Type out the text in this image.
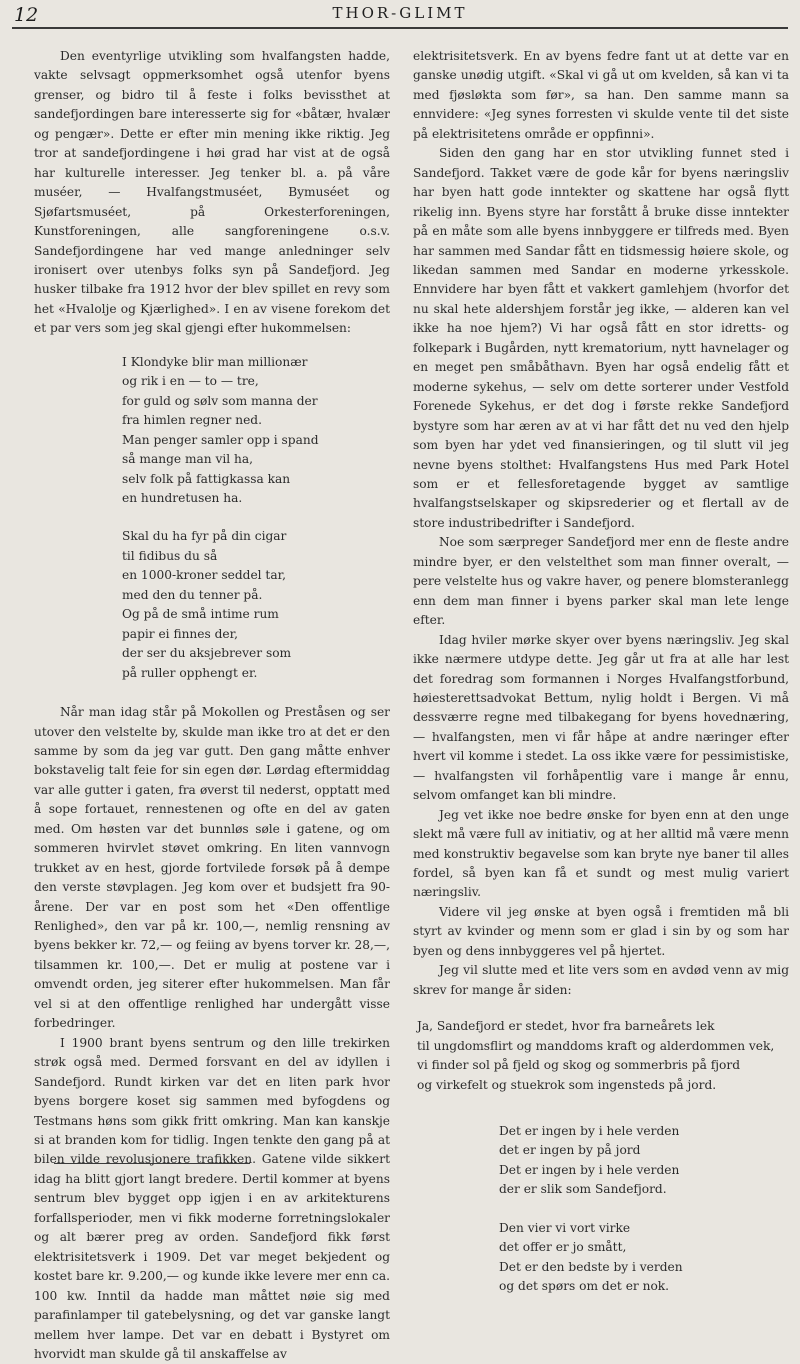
12	THOR-GLIMT

Den eventyrlige utvikling som hvalfangsten hadde, vakte selvsagt oppmerksomhet også utenfor byens grenser, og bidro til å feste i folks bevissthet at sandefjordingen bare interesserte sig for «båtær, hvalær og pengær». Dette er efter min mening ikke riktig. Jeg tror at sandefjordingene i høi grad har vist at de også har kulturelle interesser. Jeg tenker bl. a. på våre muséer, — Hvalfangstmuséet, Bymuséet og Sjøfartsmuséet, på Orkesterforeningen, Kunstforeningen, alle sangforeningene o.s.v. Sandefjordingene har ved mange anledninger selv ironisert over utenbys folks syn på Sandefjord. Jeg husker tilbake fra 1912 hvor der blev spillet en revy som het «Hvalolje og Kjærlighed». I en av visene forekom det et par vers som jeg skal gjengi efter hukommelsen:

I Klondyke blir man millionær
og rik i en — to — tre,
for guld og sølv som manna der
fra himlen regner ned.
Man penger samler opp i spand
så mange man vil ha,
selv folk på fattigkassa kan
en hundretusen ha.
Skal du ha fyr på din cigar
til fidibus du så
en 1000-kroner seddel tar,
med den du tenner på.
Og på de små intime rum
papir ei finnes der,
der ser du aksjebrever som
på ruller opphengt er.

Når man idag står på Mokollen og Preståsen og ser utover den velstelte by, skulde man ikke tro at det er den samme by som da jeg var gutt. Den gang måtte enhver bokstavelig talt feie for sin egen dør. Lørdag eftermiddag var alle gutter i gaten, fra øverst til nederst, opptatt med å sope fortauet, rennestenen og ofte en del av gaten med. Om høsten var det bunnløs søle i gatene, og om sommeren hvirvlet støvet omkring. En liten vannvogn trukket av en hest, gjorde fortvilede forsøk på å dempe den verste støvplagen. Jeg kom over et budsjett fra 90-årene. Der var en post som het «Den offentlige Renlighed», den var på kr. 100,—, nemlig rensning av byens bekker kr. 72,— og feiing av byens torver kr. 28,—, tilsammen kr. 100,—. Det er mulig at postene var i omvendt orden, jeg siterer efter hukommelsen. Man får vel si at den offentlige renlighed har undergått visse forbedringer.

I 1900 brant byens sentrum og den lille trekirken strøk også med. Dermed forsvant en del av idyllen i Sandefjord. Rundt kirken var det en liten park hvor byens borgere koset sig sammen med byfogdens og Testmans høns som gikk fritt omkring. Man kan kanskje si at branden kom for tidlig. Ingen tenkte den gang på at bilen vilde revolusjonere trafikken. Gatene vilde sikkert idag ha blitt gjort langt bredere. Dertil kommer at byens sentrum blev bygget opp igjen i en av arkitekturens forfallsperioder, men vi fikk moderne forretningslokaler og alt bærer preg av orden. Sandefjord fikk først elektrisitetsverk i 1909. Det var meget bekjedent og kostet bare kr. 9.200,— og kunde ikke levere mer enn ca. 100 kw. Inntil da hadde man måttet nøie sig med parafinlamper til gatebelysning, og det var ganske langt mellem hver lampe. Det var en debatt i Bystyret om hvorvidt man skulde gå til anskaffelse av

elektrisitetsverk. En av byens fedre fant ut at dette var en ganske unødig utgift. «Skal vi gå ut om kvelden, så kan vi ta med fjøsløkta som før», sa han. Den samme mann sa ennvidere: «Jeg synes forresten vi skulde vente til det siste på elektrisitetens område er oppfinni».

Siden den gang har en stor utvikling funnet sted i Sandefjord. Takket være de gode kår for byens næringsliv har byen hatt gode inntekter og skattene har også flytt rikelig inn. Byens styre har forstått å bruke disse inntekter på en måte som alle byens innbyggere er tilfreds med. Byen har sammen med Sandar fått en tidsmessig høiere skole, og likedan sammen med Sandar en moderne yrkesskole. Ennvidere har byen fått et vakkert gamlehjem (hvorfor det nu skal hete aldershjem forstår jeg ikke, — alderen kan vel ikke ha noe hjem?) Vi har også fått en stor idretts- og folkepark i Bugården, nytt krematorium, nytt havnelager og en meget pen småbåthavn. Byen har også endelig fått et moderne sykehus, — selv om dette sorterer under Vestfold Forenede Sykehus, er det dog i første rekke Sandefjord bystyre som har æren av at vi har fått det nu ved den hjelp som byen har ydet ved finansieringen, og til slutt vil jeg nevne byens stolthet: Hvalfangstens Hus med Park Hotel som er et fellesforetagende bygget av samtlige hvalfangstselskaper og skipsrederier og et flertall av de store industribedrifter i Sandefjord.

Noe som særpreger Sandefjord mer enn de fleste andre mindre byer, er den velstelthet som man finner overalt, — pere velstelte hus og vakre haver, og penere blomsteranlegg enn dem man finner i byens parker skal man lete lenge efter.

Idag hviler mørke skyer over byens næringsliv. Jeg skal ikke nærmere utdype dette. Jeg går ut fra at alle har lest det foredrag som formannen i Norges Hvalfangstforbund, høiesterettsadvokat Bettum, nylig holdt i Bergen. Vi må dessværre regne med tilbakegang for byens hovednæring, — hvalfangsten, men vi får håpe at andre næringer efter hvert vil komme i stedet. La oss ikke være for pessimistiske, — hvalfangsten vil forhåpentlig vare i mange år ennu, selvom omfanget kan bli mindre.

Jeg vet ikke noe bedre ønske for byen enn at den unge slekt må være full av initiativ, og at her alltid må være menn med konstruktiv begavelse som kan bryte nye baner til alles fordel, så byen kan få et sundt og mest mulig variert næringsliv.

Videre vil jeg ønske at byen også i fremtiden må bli styrt av kvinder og menn som er glad i sin by og som har byen og dens innbyggeres vel på hjertet.

Jeg vil slutte med et lite vers som en avdød venn av mig skrev for mange år siden:

Ja, Sandefjord er stedet, hvor fra barneårets lek
til ungdomsflirt og manddoms kraft og alderdommen vek,
vi finder sol på fjeld og skog og sommerbris på fjord
og virkefelt og stuekrok som ingensteds på jord.
Det er ingen by i hele verden
det er ingen by på jord
Det er ingen by i hele verden
der er slik som Sandefjord.
Den vier vi vort virke
det offer er jo smått,
Det er den bedste by i verden
og det spørs om det er nok.
